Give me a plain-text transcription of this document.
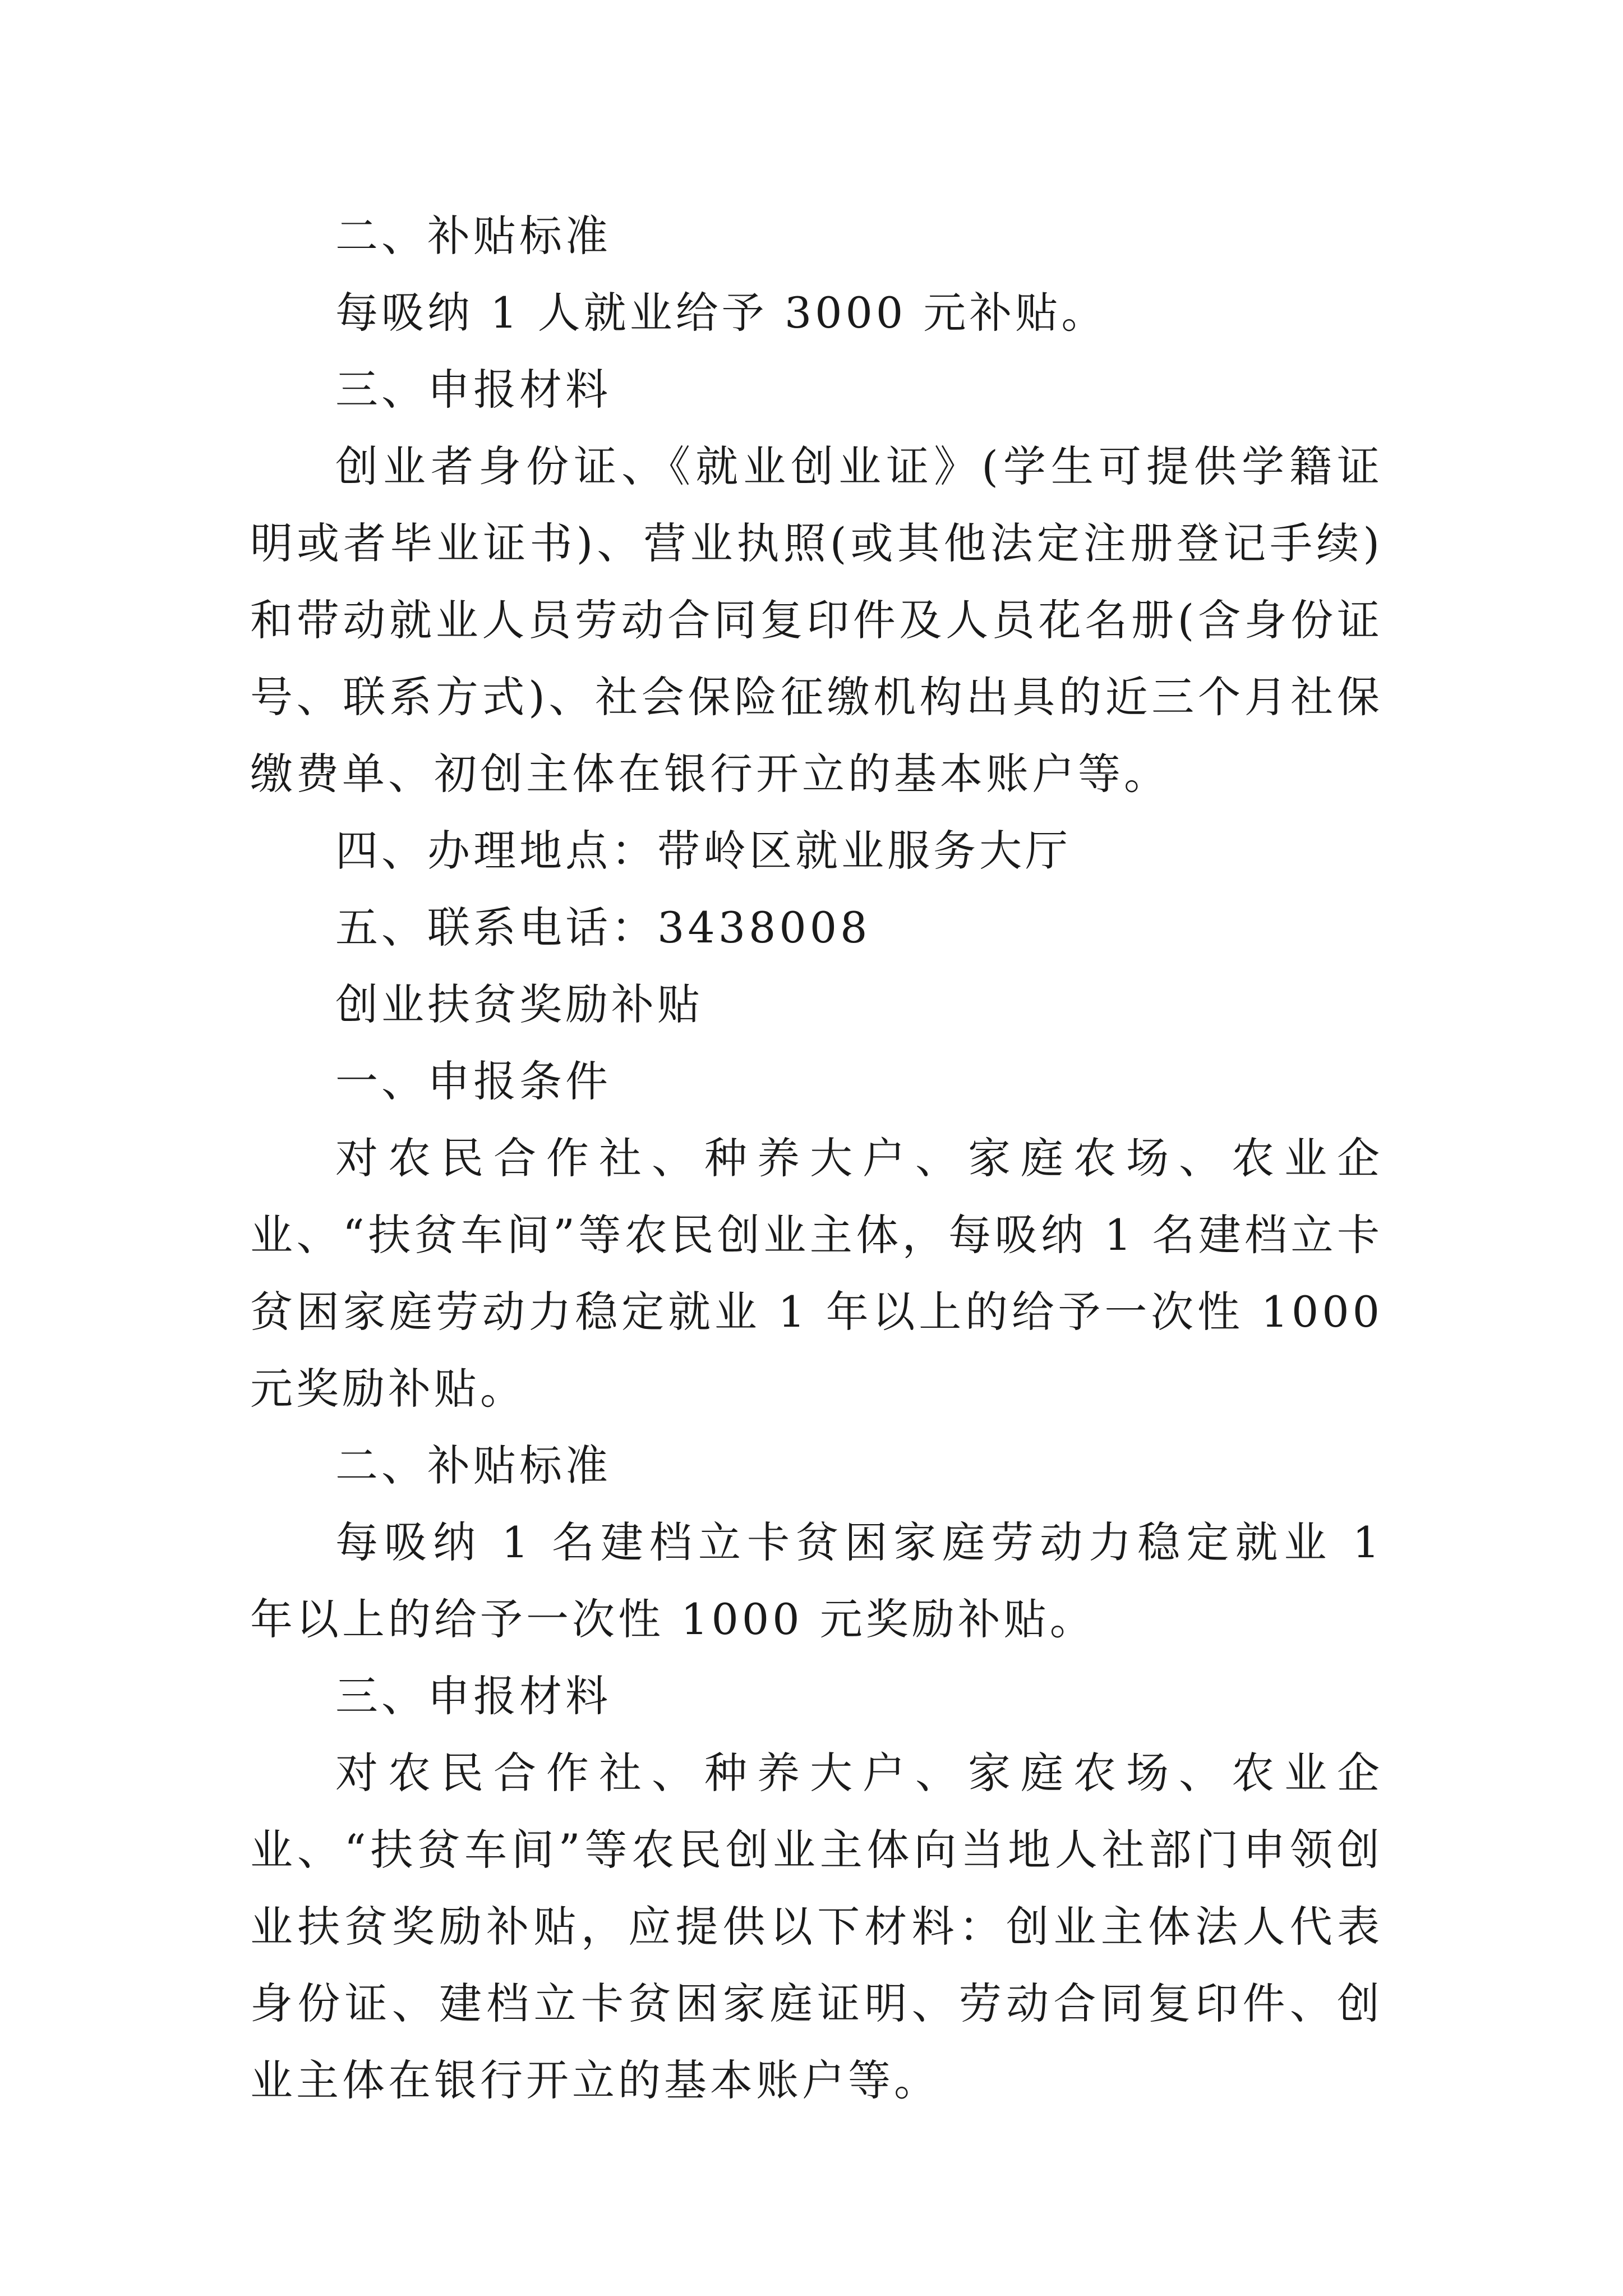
二、补贴标准

每吸纳 1 人就业给予 3000 元补贴。

三、申报材料

创业者身份证、《就业创业证》(学生可提供学籍证明或者毕业证书)、营业执照(或其他法定注册登记手续)和带动就业人员劳动合同复印件及人员花名册(含身份证号、联系方式)、社会保险征缴机构出具的近三个月社保缴费单、初创主体在银行开立的基本账户等。

四、办理地点：带岭区就业服务大厅

五、联系电话：3438008

创业扶贫奖励补贴

一、申报条件

对农民合作社、种养大户、家庭农场、农业企业、“扶贫车间”等农民创业主体，每吸纳 1 名建档立卡贫困家庭劳动力稳定就业 1 年以上的给予一次性 1000 元奖励补贴。

二、补贴标准

每吸纳 1 名建档立卡贫困家庭劳动力稳定就业 1 年以上的给予一次性 1000 元奖励补贴。

三、申报材料

对农民合作社、种养大户、家庭农场、农业企业、“扶贫车间”等农民创业主体向当地人社部门申领创业扶贫奖励补贴，应提供以下材料：创业主体法人代表身份证、建档立卡贫困家庭证明、劳动合同复印件、创业主体在银行开立的基本账户等。
